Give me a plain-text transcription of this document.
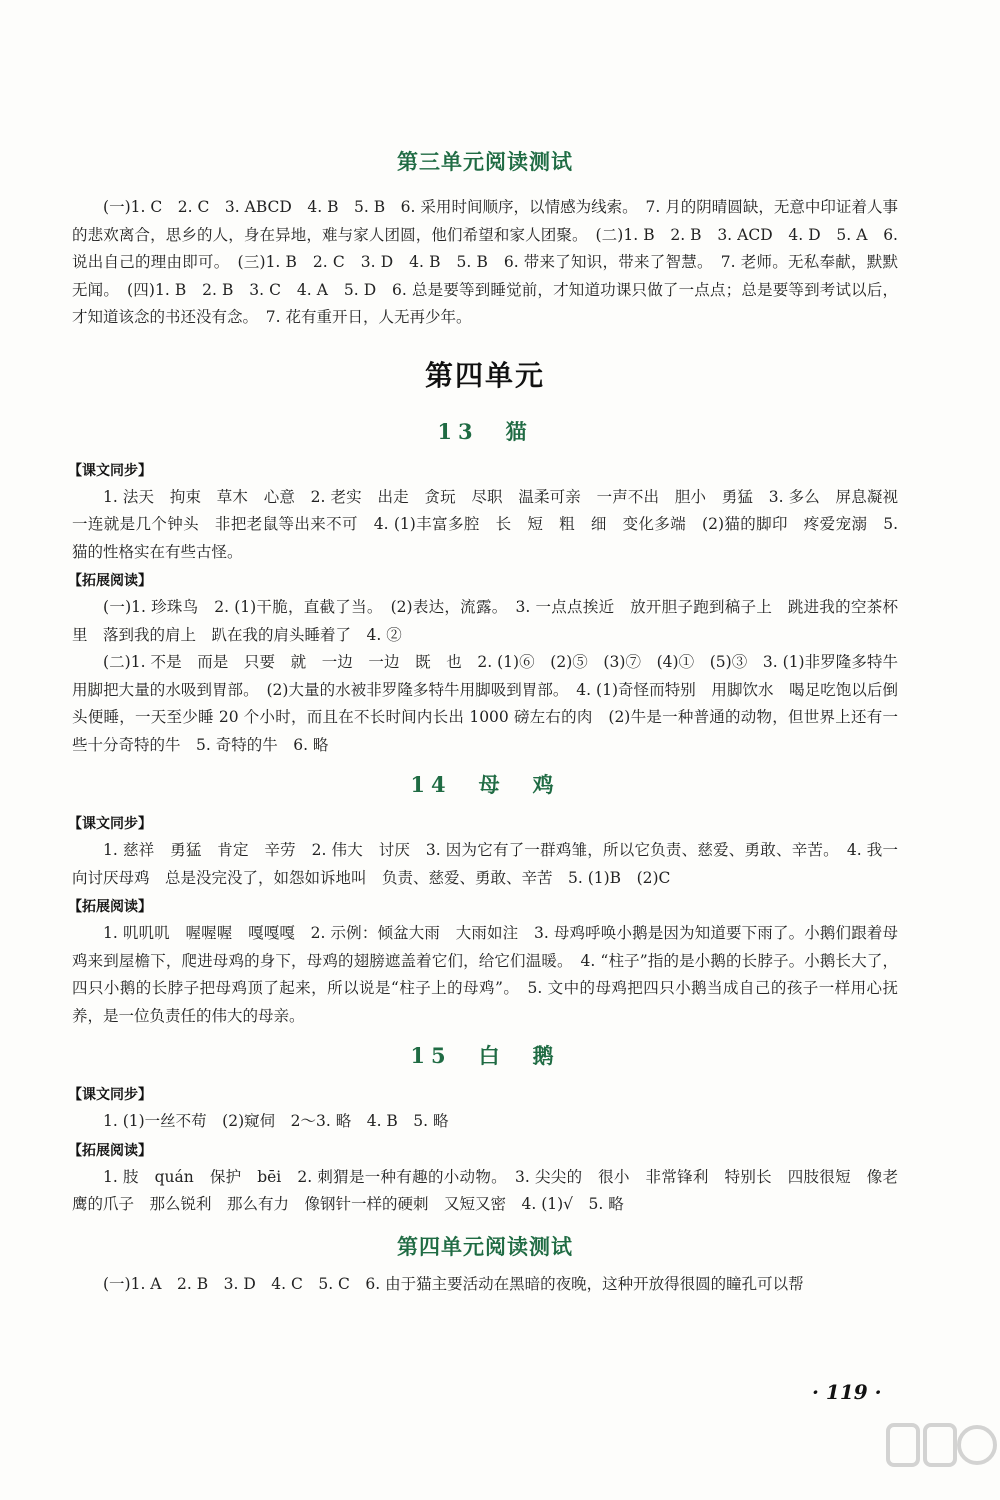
第三单元阅读测试

(一)1. C　2. C　3. ABCD　4. B　5. B　6. 采用时间顺序，以情感为线索。　7. 月的阴晴圆缺，无意中印证着人事的悲欢离合，思乡的人，身在异地，难与家人团圆，他们希望和家人团聚。　(二)1. B　2. B　3. ACD　4. D　5. A　6. 说出自己的理由即可。　(三)1. B　2. C　3. D　4. B　5. B　6. 带来了知识，带来了智慧。　7. 老师。无私奉献，默默无闻。　(四)1. B　2. B　3. C　4. A　5. D　6. 总是要等到睡觉前，才知道功课只做了一点点；总是要等到考试以后，才知道该念的书还没有念。　7. 花有重开日，人无再少年。

第四单元
13　猫
【课文同步】

1. 法天　拘束　草木　心意　2. 老实　出走　贪玩　尽职　温柔可亲　一声不出　胆小　勇猛　3. 多么　屏息凝视　一连就是几个钟头　非把老鼠等出来不可　4. (1)丰富多腔　长　短　粗　细　变化多端　(2)猫的脚印　疼爱宠溺　5. 猫的性格实在有些古怪。

【拓展阅读】

(一)1. 珍珠鸟　2. (1)干脆，直截了当。　(2)表达，流露。　3. 一点点挨近　放开胆子跑到稿子上　跳进我的空茶杯里　落到我的肩上　趴在我的肩头睡着了　4. ②

(二)1. 不是　而是　只要　就　一边　一边　既　也　2. (1)⑥　(2)⑤　(3)⑦　(4)①　(5)③　3. (1)非罗隆多特牛用脚把大量的水吸到胃部。　(2)大量的水被非罗隆多特牛用脚吸到胃部。　4. (1)奇怪而特别　用脚饮水　喝足吃饱以后倒头便睡，一天至少睡 20 个小时，而且在不长时间内长出 1000 磅左右的肉　(2)牛是一种普通的动物，但世界上还有一些十分奇特的牛　5. 奇特的牛　6. 略

14　母　鸡
【课文同步】

1. 慈祥　勇猛　肯定　辛劳　2. 伟大　讨厌　3. 因为它有了一群鸡雏，所以它负责、慈爱、勇敢、辛苦。　4. 我一向讨厌母鸡　总是没完没了，如怨如诉地叫　负责、慈爱、勇敢、辛苦　5. (1)B　(2)C

【拓展阅读】

1. 叽叽叽　喔喔喔　嘎嘎嘎　2. 示例：倾盆大雨　大雨如注　3. 母鸡呼唤小鹅是因为知道要下雨了。小鹅们跟着母鸡来到屋檐下，爬进母鸡的身下，母鸡的翅膀遮盖着它们，给它们温暖。　4. “柱子”指的是小鹅的长脖子。小鹅长大了，四只小鹅的长脖子把母鸡顶了起来，所以说是“柱子上的母鸡”。　5. 文中的母鸡把四只小鹅当成自己的孩子一样用心抚养，是一位负责任的伟大的母亲。

15　白　鹅
【课文同步】

1. (1)一丝不苟　(2)窥伺　2～3. 略　4. B　5. 略

【拓展阅读】

1. 肢　quán　保护　bēi　2. 刺猬是一种有趣的小动物。　3. 尖尖的　很小　非常锋利　特别长　四肢很短　像老鹰的爪子　那么锐利　那么有力　像钢针一样的硬刺　又短又密　4. (1)√　5. 略

第四单元阅读测试

(一)1. A　2. B　3. D　4. C　5. C　6. 由于猫主要活动在黑暗的夜晚，这种开放得很圆的瞳孔可以帮

· 119 ·
